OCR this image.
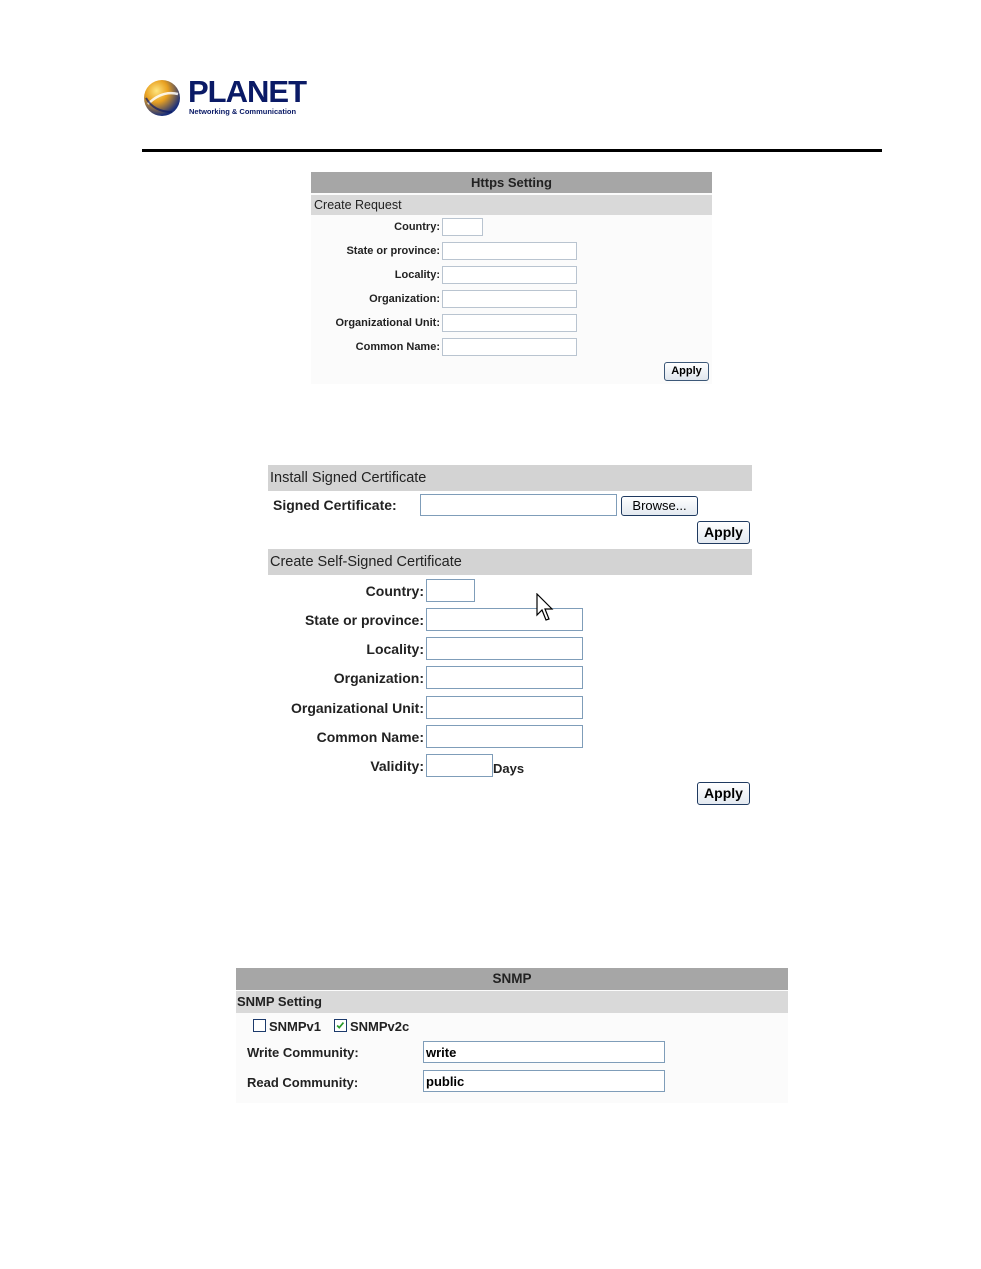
PLANET
Networking & Communication
Https Setting
Create Request
Country:
State or province:
Locality:
Organization:
Organizational Unit:
Common Name:
Apply
Install Signed Certificate
Signed Certificate:	Browse...
Apply
Create Self-Signed Certificate
Country:
State or province:
Locality:
Organization:
Organizational Unit:
Common Name:
Validity:	Days
Apply
SNMP
SNMP Setting
SNMPv1 SNMPv2c
Write Community:	write
Read Community:	public
